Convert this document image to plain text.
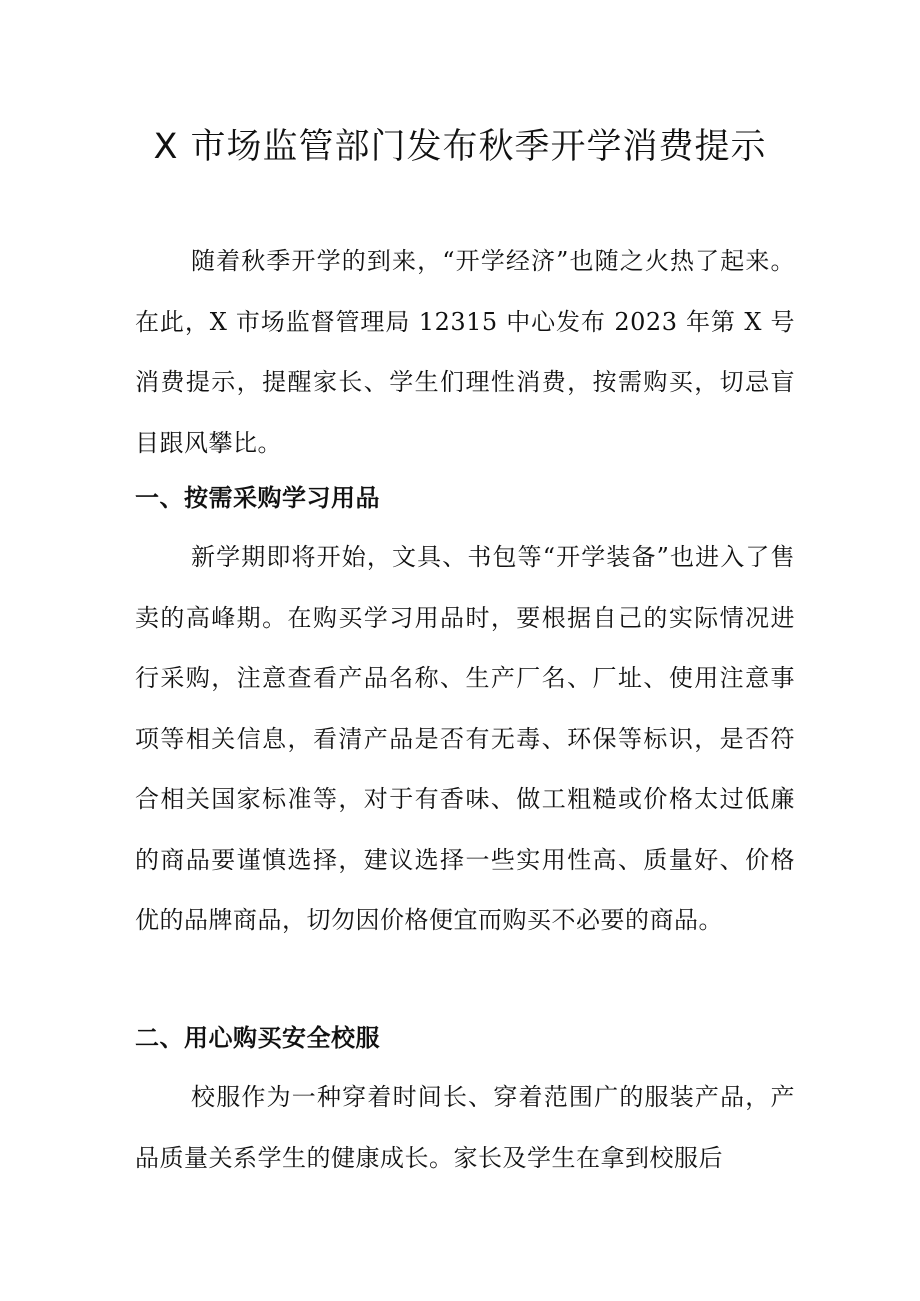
X 市场监管部门发布秋季开学消费提示

随着秋季开学的到来，“开学经济”也随之火热了起来。在此，X 市场监督管理局 12315 中心发布 2023 年第 X 号消费提示，提醒家长、学生们理性消费，按需购买，切忌盲目跟风攀比。

一、按需采购学习用品

新学期即将开始，文具、书包等“开学装备”也进入了售卖的高峰期。在购买学习用品时，要根据自己的实际情况进行采购，注意查看产品名称、生产厂名、厂址、使用注意事项等相关信息，看清产品是否有无毒、环保等标识，是否符合相关国家标准等，对于有香味、做工粗糙或价格太过低廉的商品要谨慎选择，建议选择一些实用性高、质量好、价格优的品牌商品，切勿因价格便宜而购买不必要的商品。

二、用心购买安全校服

校服作为一种穿着时间长、穿着范围广的服装产品，产品质量关系学生的健康成长。家长及学生在拿到校服后
